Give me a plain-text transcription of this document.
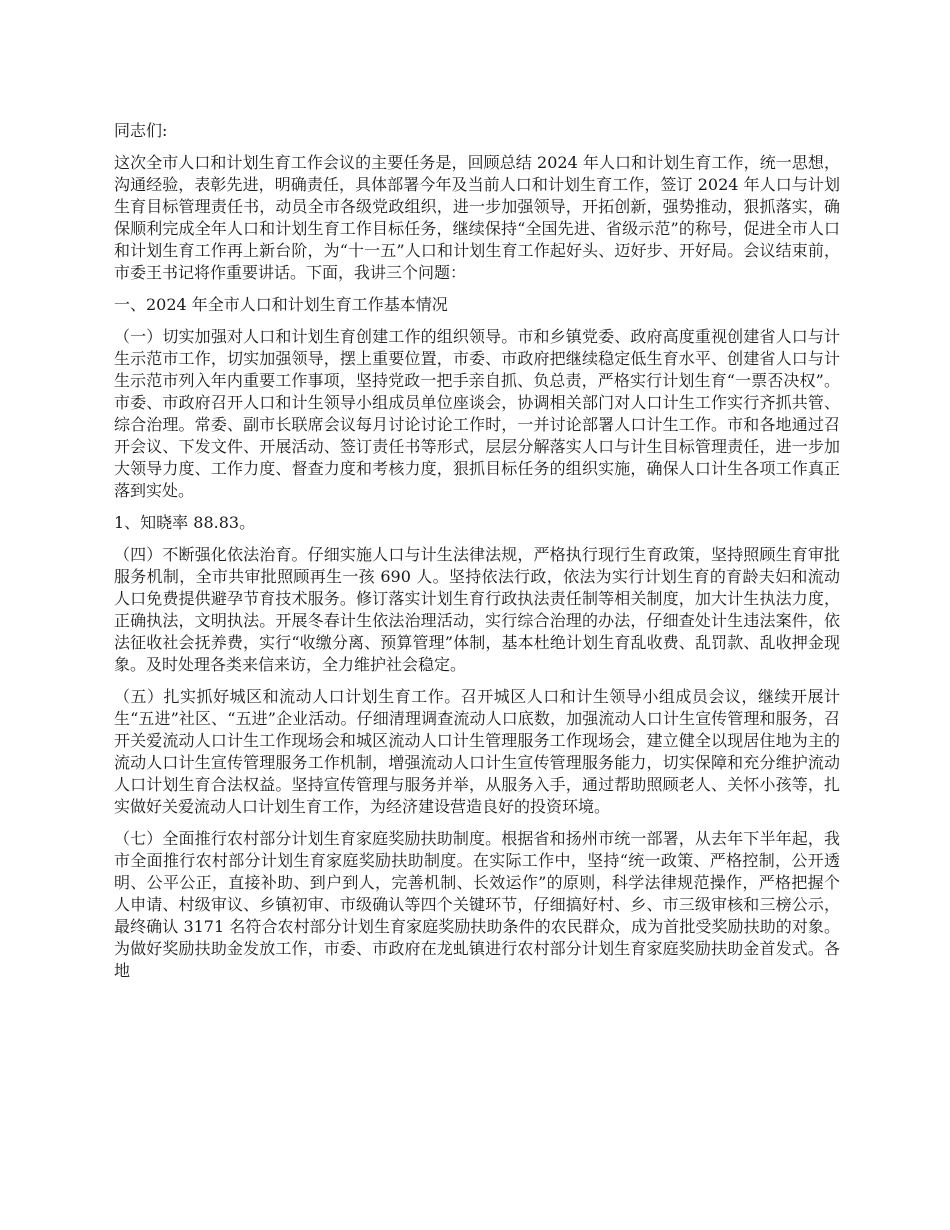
同志们:

这次全市人口和计划生育工作会议的主要任务是，回顾总结 2024 年人口和计划生育工作，统一思想，沟通经验，表彰先进，明确责任，具体部署今年及当前人口和计划生育工作，签订 2024 年人口与计划生育目标管理责任书，动员全市各级党政组织，进一步加强领导，开拓创新，强势推动，狠抓落实，确保顺利完成全年人口和计划生育工作目标任务，继续保持“全国先进、省级示范”的称号，促进全市人口和计划生育工作再上新台阶，为“十一五”人口和计划生育工作起好头、迈好步、开好局。会议结束前，市委王书记将作重要讲话。下面，我讲三个问题：

一、2024 年全市人口和计划生育工作基本情况

（一）切实加强对人口和计划生育创建工作的组织领导。市和乡镇党委、政府高度重视创建省人口与计生示范市工作，切实加强领导，摆上重要位置，市委、市政府把继续稳定低生育水平、创建省人口与计生示范市列入年内重要工作事项，坚持党政一把手亲自抓、负总责，严格实行计划生育“一票否决权”。市委、市政府召开人口和计生领导小组成员单位座谈会，协调相关部门对人口计生工作实行齐抓共管、综合治理。常委、副市长联席会议每月讨论讨论工作时，一并讨论部署人口计生工作。市和各地通过召开会议、下发文件、开展活动、签订责任书等形式，层层分解落实人口与计生目标管理责任，进一步加大领导力度、工作力度、督查力度和考核力度，狠抓目标任务的组织实施，确保人口计生各项工作真正落到实处。

1、知晓率 88.83。

（四）不断强化依法治育。仔细实施人口与计生法律法规，严格执行现行生育政策，坚持照顾生育审批服务机制，全市共审批照顾再生一孩 690 人。坚持依法行政，依法为实行计划生育的育龄夫妇和流动人口免费提供避孕节育技术服务。修订落实计划生育行政执法责任制等相关制度，加大计生执法力度，正确执法，文明执法。开展冬春计生依法治理活动，实行综合治理的办法，仔细查处计生违法案件，依法征收社会抚养费，实行“收缴分离、预算管理”体制，基本杜绝计划生育乱收费、乱罚款、乱收押金现象。及时处理各类来信来访，全力维护社会稳定。

（五）扎实抓好城区和流动人口计划生育工作。召开城区人口和计生领导小组成员会议，继续开展计生“五进”社区、“五进”企业活动。仔细清理调查流动人口底数，加强流动人口计生宣传管理和服务，召开关爱流动人口计生工作现场会和城区流动人口计生管理服务工作现场会，建立健全以现居住地为主的流动人口计生宣传管理服务工作机制，增强流动人口计生宣传管理服务能力，切实保障和充分维护流动人口计划生育合法权益。坚持宣传管理与服务并举，从服务入手，通过帮助照顾老人、关怀小孩等，扎实做好关爱流动人口计划生育工作，为经济建设营造良好的投资环境。

（七）全面推行农村部分计划生育家庭奖励扶助制度。根据省和扬州市统一部署，从去年下半年起，我市全面推行农村部分计划生育家庭奖励扶助制度。在实际工作中，坚持“统一政策、严格控制，公开透明、公平公正，直接补助、到户到人，完善机制、长效运作”的原则，科学法律规范操作，严格把握个人申请、村级审议、乡镇初审、市级确认等四个关键环节，仔细搞好村、乡、市三级审核和三榜公示，最终确认 3171 名符合农村部分计划生育家庭奖励扶助条件的农民群众，成为首批受奖励扶助的对象。为做好奖励扶助金发放工作，市委、市政府在龙虬镇进行农村部分计划生育家庭奖励扶助金首发式。各地
